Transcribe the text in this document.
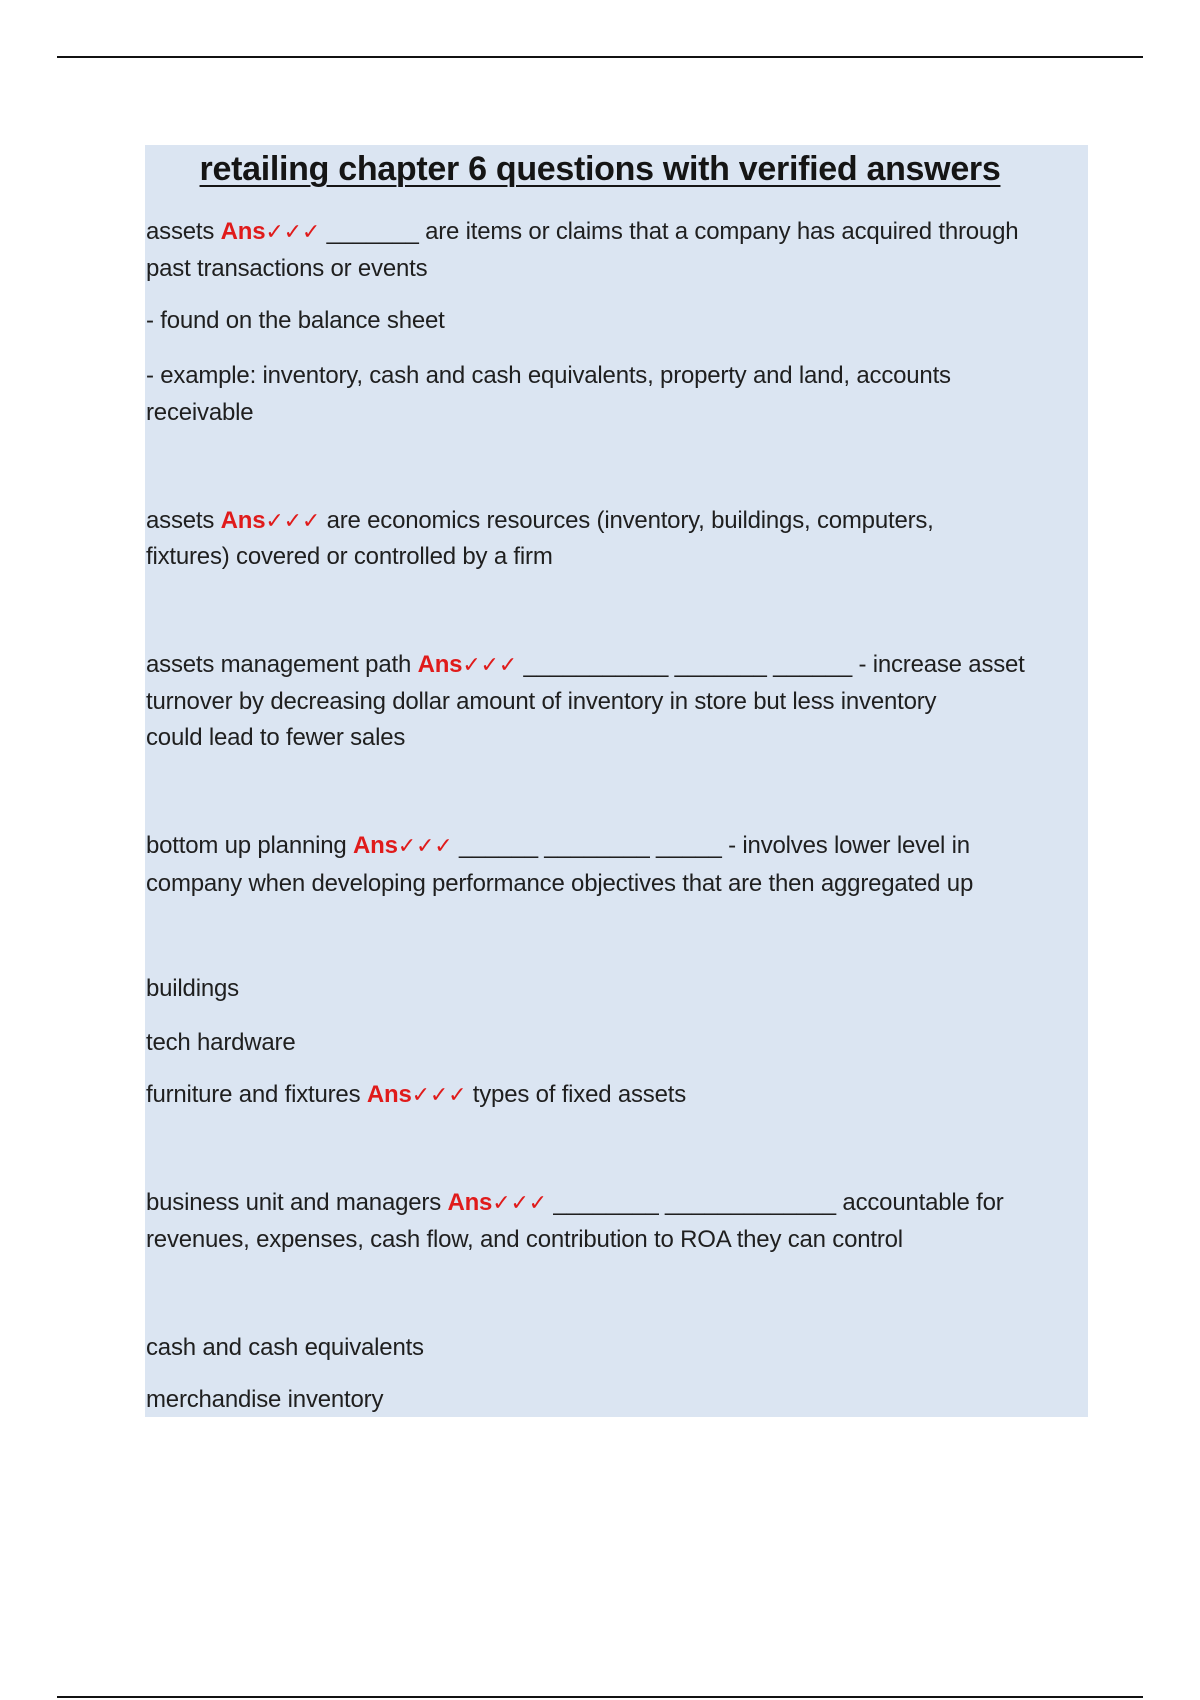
retailing chapter 6 questions with verified answers
assets Ans✓✓✓ _______ are items or claims that a company has acquired through
past transactions or events
- found on the balance sheet
- example: inventory, cash and cash equivalents, property and land, accounts
receivable
assets Ans✓✓✓ are economics resources (inventory, buildings, computers,
fixtures) covered or controlled by a firm
assets management path Ans✓✓✓ ___________ _______ ______ - increase asset
turnover by decreasing dollar amount of inventory in store but less inventory
could lead to fewer sales
bottom up planning Ans✓✓✓ ______ ________ _____ - involves lower level in
company when developing performance objectives that are then aggregated up
buildings
tech hardware
furniture and fixtures Ans✓✓✓ types of fixed assets
business unit and managers Ans✓✓✓ ________ _____________ accountable for
revenues, expenses, cash flow, and contribution to ROA they can control
cash and cash equivalents
merchandise inventory
